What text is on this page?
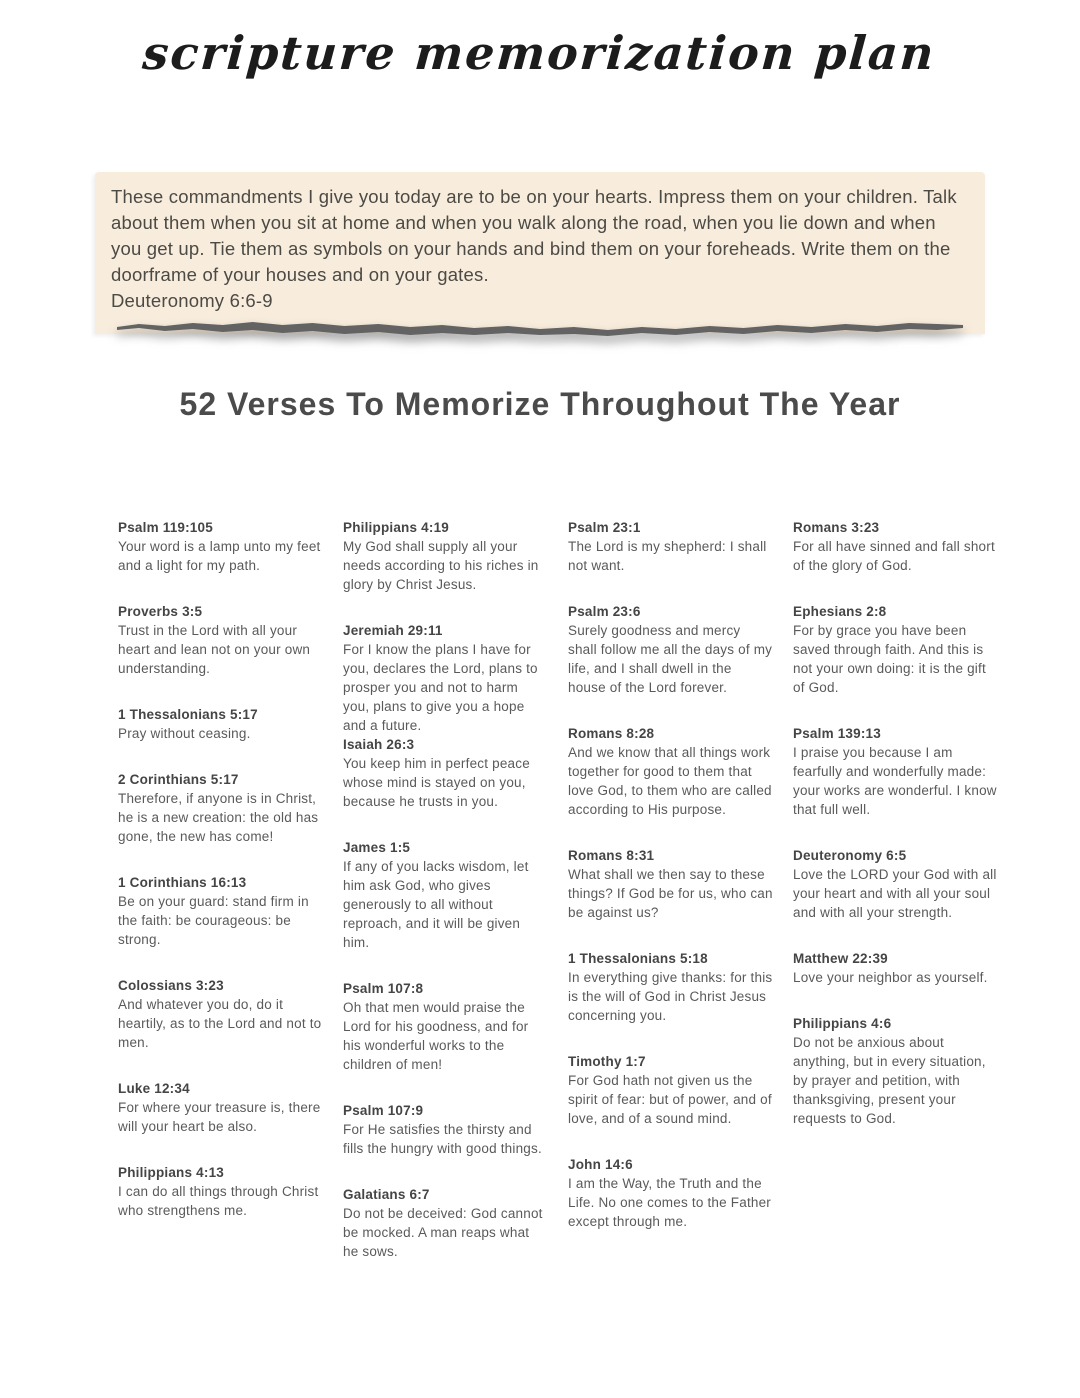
scripture memorization plan

These commandments I give you today are to be on your hearts. Impress them on your children. Talk about them when you sit at home and when you walk along the road, when you lie down and when you get up. Tie them as symbols on your hands and bind them on your foreheads. Write them on the doorframe of your houses and on your gates.

Deuteronomy 6:6-9

52 Verses To Memorize Throughout The Year
Psalm 119:105
Your word is a lamp unto my feet and a light for my path.
Proverbs 3:5
Trust in the Lord with all your heart and lean not on your own understanding.
1 Thessalonians 5:17
Pray without ceasing.
2 Corinthians 5:17
Therefore, if anyone is in Christ, he is a new creation: the old has gone, the new has come!
1 Corinthians 16:13
Be on your guard: stand firm in the faith: be courageous: be strong.
Colossians 3:23
And whatever you do, do it heartily, as to the Lord and not to men.
Luke 12:34
For where your treasure is, there will your heart be also.
Philippians 4:13
I can do all things through Christ who strengthens me.
Philippians 4:19
My God shall supply all your needs according to his riches in glory by Christ Jesus.
Jeremiah 29:11
For I know the plans I have for you, declares the Lord, plans to prosper you and not to harm you, plans to give you a hope and a future.
Isaiah 26:3
You keep him in perfect peace whose mind is stayed on you, because he trusts in you.
James 1:5
If any of you lacks wisdom, let him ask God, who gives generously to all without reproach, and it will be given him.
Psalm 107:8
Oh that men would praise the Lord for his goodness, and for his wonderful works to the children of men!
Psalm 107:9
For He satisfies the thirsty and fills the hungry with good things.
Galatians 6:7
Do not be deceived: God cannot be mocked. A man reaps what he sows.
Psalm 23:1
The Lord is my shepherd: I shall not want.
Psalm 23:6
Surely goodness and mercy shall follow me all the days of my life, and I shall dwell in the house of the Lord forever.
Romans 8:28
And we know that all things work together for good to them that love God, to them who are called according to His purpose.
Romans 8:31
What shall we then say to these things? If God be for us, who can be against us?
1 Thessalonians 5:18
In everything give thanks: for this is the will of God in Christ Jesus concerning you.
Timothy 1:7
For God hath not given us the spirit of fear: but of power, and of love, and of a sound mind.
John 14:6
I am the Way, the Truth and the Life. No one comes to the Father except through me.
Romans 3:23
For all have sinned and fall short of the glory of God.
Ephesians 2:8
For by grace you have been saved through faith. And this is not your own doing: it is the gift of God.
Psalm 139:13
I praise you because I am fearfully and wonderfully made: your works are wonderful. I know that full well.
Deuteronomy 6:5
Love the LORD your God with all your heart and with all your soul and with all your strength.
Matthew 22:39
Love your neighbor as yourself.
Philippians 4:6
Do not be anxious about anything, but in every situation, by prayer and petition, with thanksgiving, present your requests to God.
